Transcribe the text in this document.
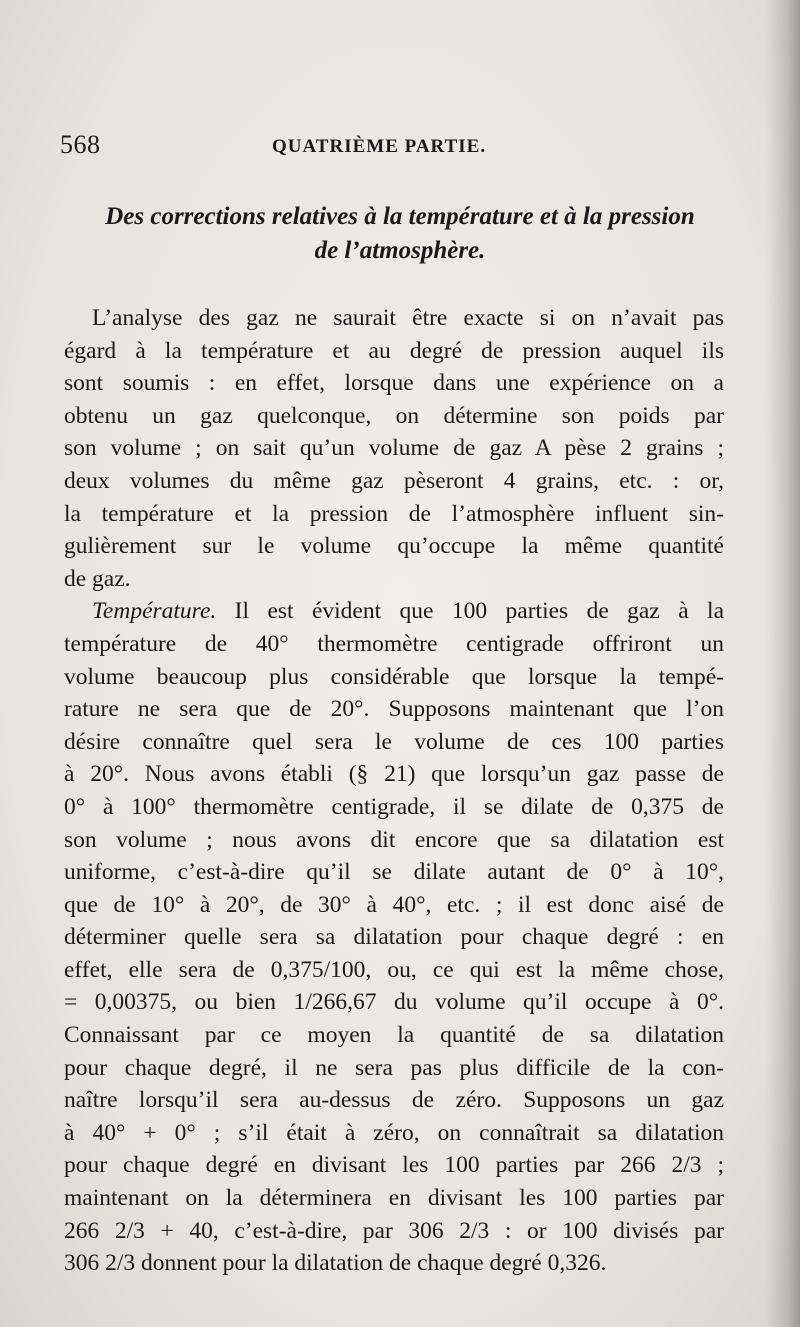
568	QUATRIÈME PARTIE.
Des corrections relatives à la température et à la pression
de l’atmosphère.
L’analyse des gaz ne saurait être exacte si on n’avait pas
égard à la température et au degré de pression auquel ils
sont soumis : en effet, lorsque dans une expérience on a
obtenu un gaz quelconque, on détermine son poids par
son volume ; on sait qu’un volume de gaz A pèse 2 grains ;
deux volumes du même gaz pèseront 4 grains, etc. : or,
la température et la pression de l’atmosphère influent sin-
gulièrement sur le volume qu’occupe la même quantité
de gaz.
Température. Il est évident que 100 parties de gaz à la
température de 40° thermomètre centigrade offriront un
volume beaucoup plus considérable que lorsque la tempé-
rature ne sera que de 20°. Supposons maintenant que l’on
désire connaître quel sera le volume de ces 100 parties
à 20°. Nous avons établi (§ 21) que lorsqu’un gaz passe de
0° à 100° thermomètre centigrade, il se dilate de 0,375 de
son volume ; nous avons dit encore que sa dilatation est
uniforme, c’est-à-dire qu’il se dilate autant de 0° à 10°,
que de 10° à 20°, de 30° à 40°, etc. ; il est donc aisé de
déterminer quelle sera sa dilatation pour chaque degré : en
effet, elle sera de 0,375/100, ou, ce qui est la même chose,
= 0,00375, ou bien 1/266,67 du volume qu’il occupe à 0°.
Connaissant par ce moyen la quantité de sa dilatation
pour chaque degré, il ne sera pas plus difficile de la con-
naître lorsqu’il sera au-dessus de zéro. Supposons un gaz
à 40° + 0° ; s’il était à zéro, on connaîtrait sa dilatation
pour chaque degré en divisant les 100 parties par 266 2/3 ;
maintenant on la déterminera en divisant les 100 parties par
266 2/3 + 40, c’est-à-dire, par 306 2/3 : or 100 divisés par
306 2/3 donnent pour la dilatation de chaque degré 0,326.
